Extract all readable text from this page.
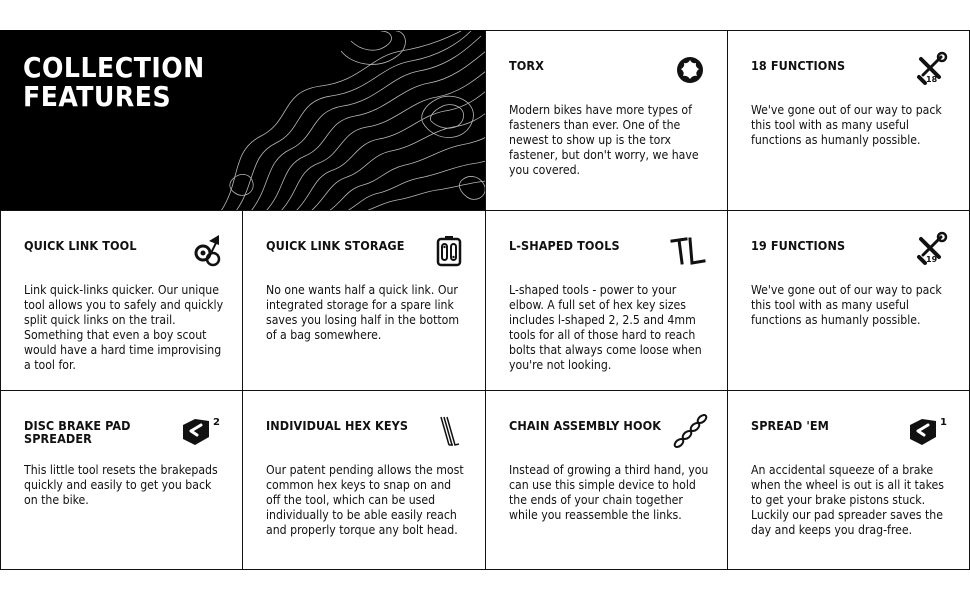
COLLECTION
FEATURES
TORX

Modern bikes have more types of fasteners than ever. One of the newest to show up is the torx fastener, but don't worry, we have you covered.

18 FUNCTIONS
18

We've gone out of our way to pack this tool with as many useful functions as humanly possible.

QUICK LINK TOOL

Link quick-links quicker. Our unique tool allows you to safely and quickly split quick links on the trail. Something that even a boy scout would have a hard time improvising a tool for.

QUICK LINK STORAGE

No one wants half a quick link. Our integrated storage for a spare link saves you losing half in the bottom of a bag somewhere.

L-SHAPED TOOLS

L-shaped tools - power to your elbow. A full set of hex key sizes includes l-shaped 2, 2.5 and 4mm tools for all of those hard to reach bolts that always come loose when you're not looking.

19 FUNCTIONS
19

We've gone out of our way to pack this tool with as many useful functions as humanly possible.

DISC BRAKE PAD SPREADER
2

This little tool resets the brakepads quickly and easily to get you back on the bike.

INDIVIDUAL HEX KEYS

Our patent pending allows the most common hex keys to snap on and off the tool, which can be used individually to be able easily reach and properly torque any bolt head.

CHAIN ASSEMBLY HOOK

Instead of growing a third hand, you can use this simple device to hold the ends of your chain together while you reassemble the links.

SPREAD 'EM	1

An accidental squeeze of a brake when the wheel is out is all it takes to get your brake pistons stuck. Luckily our pad spreader saves the day and keeps you drag-free.
